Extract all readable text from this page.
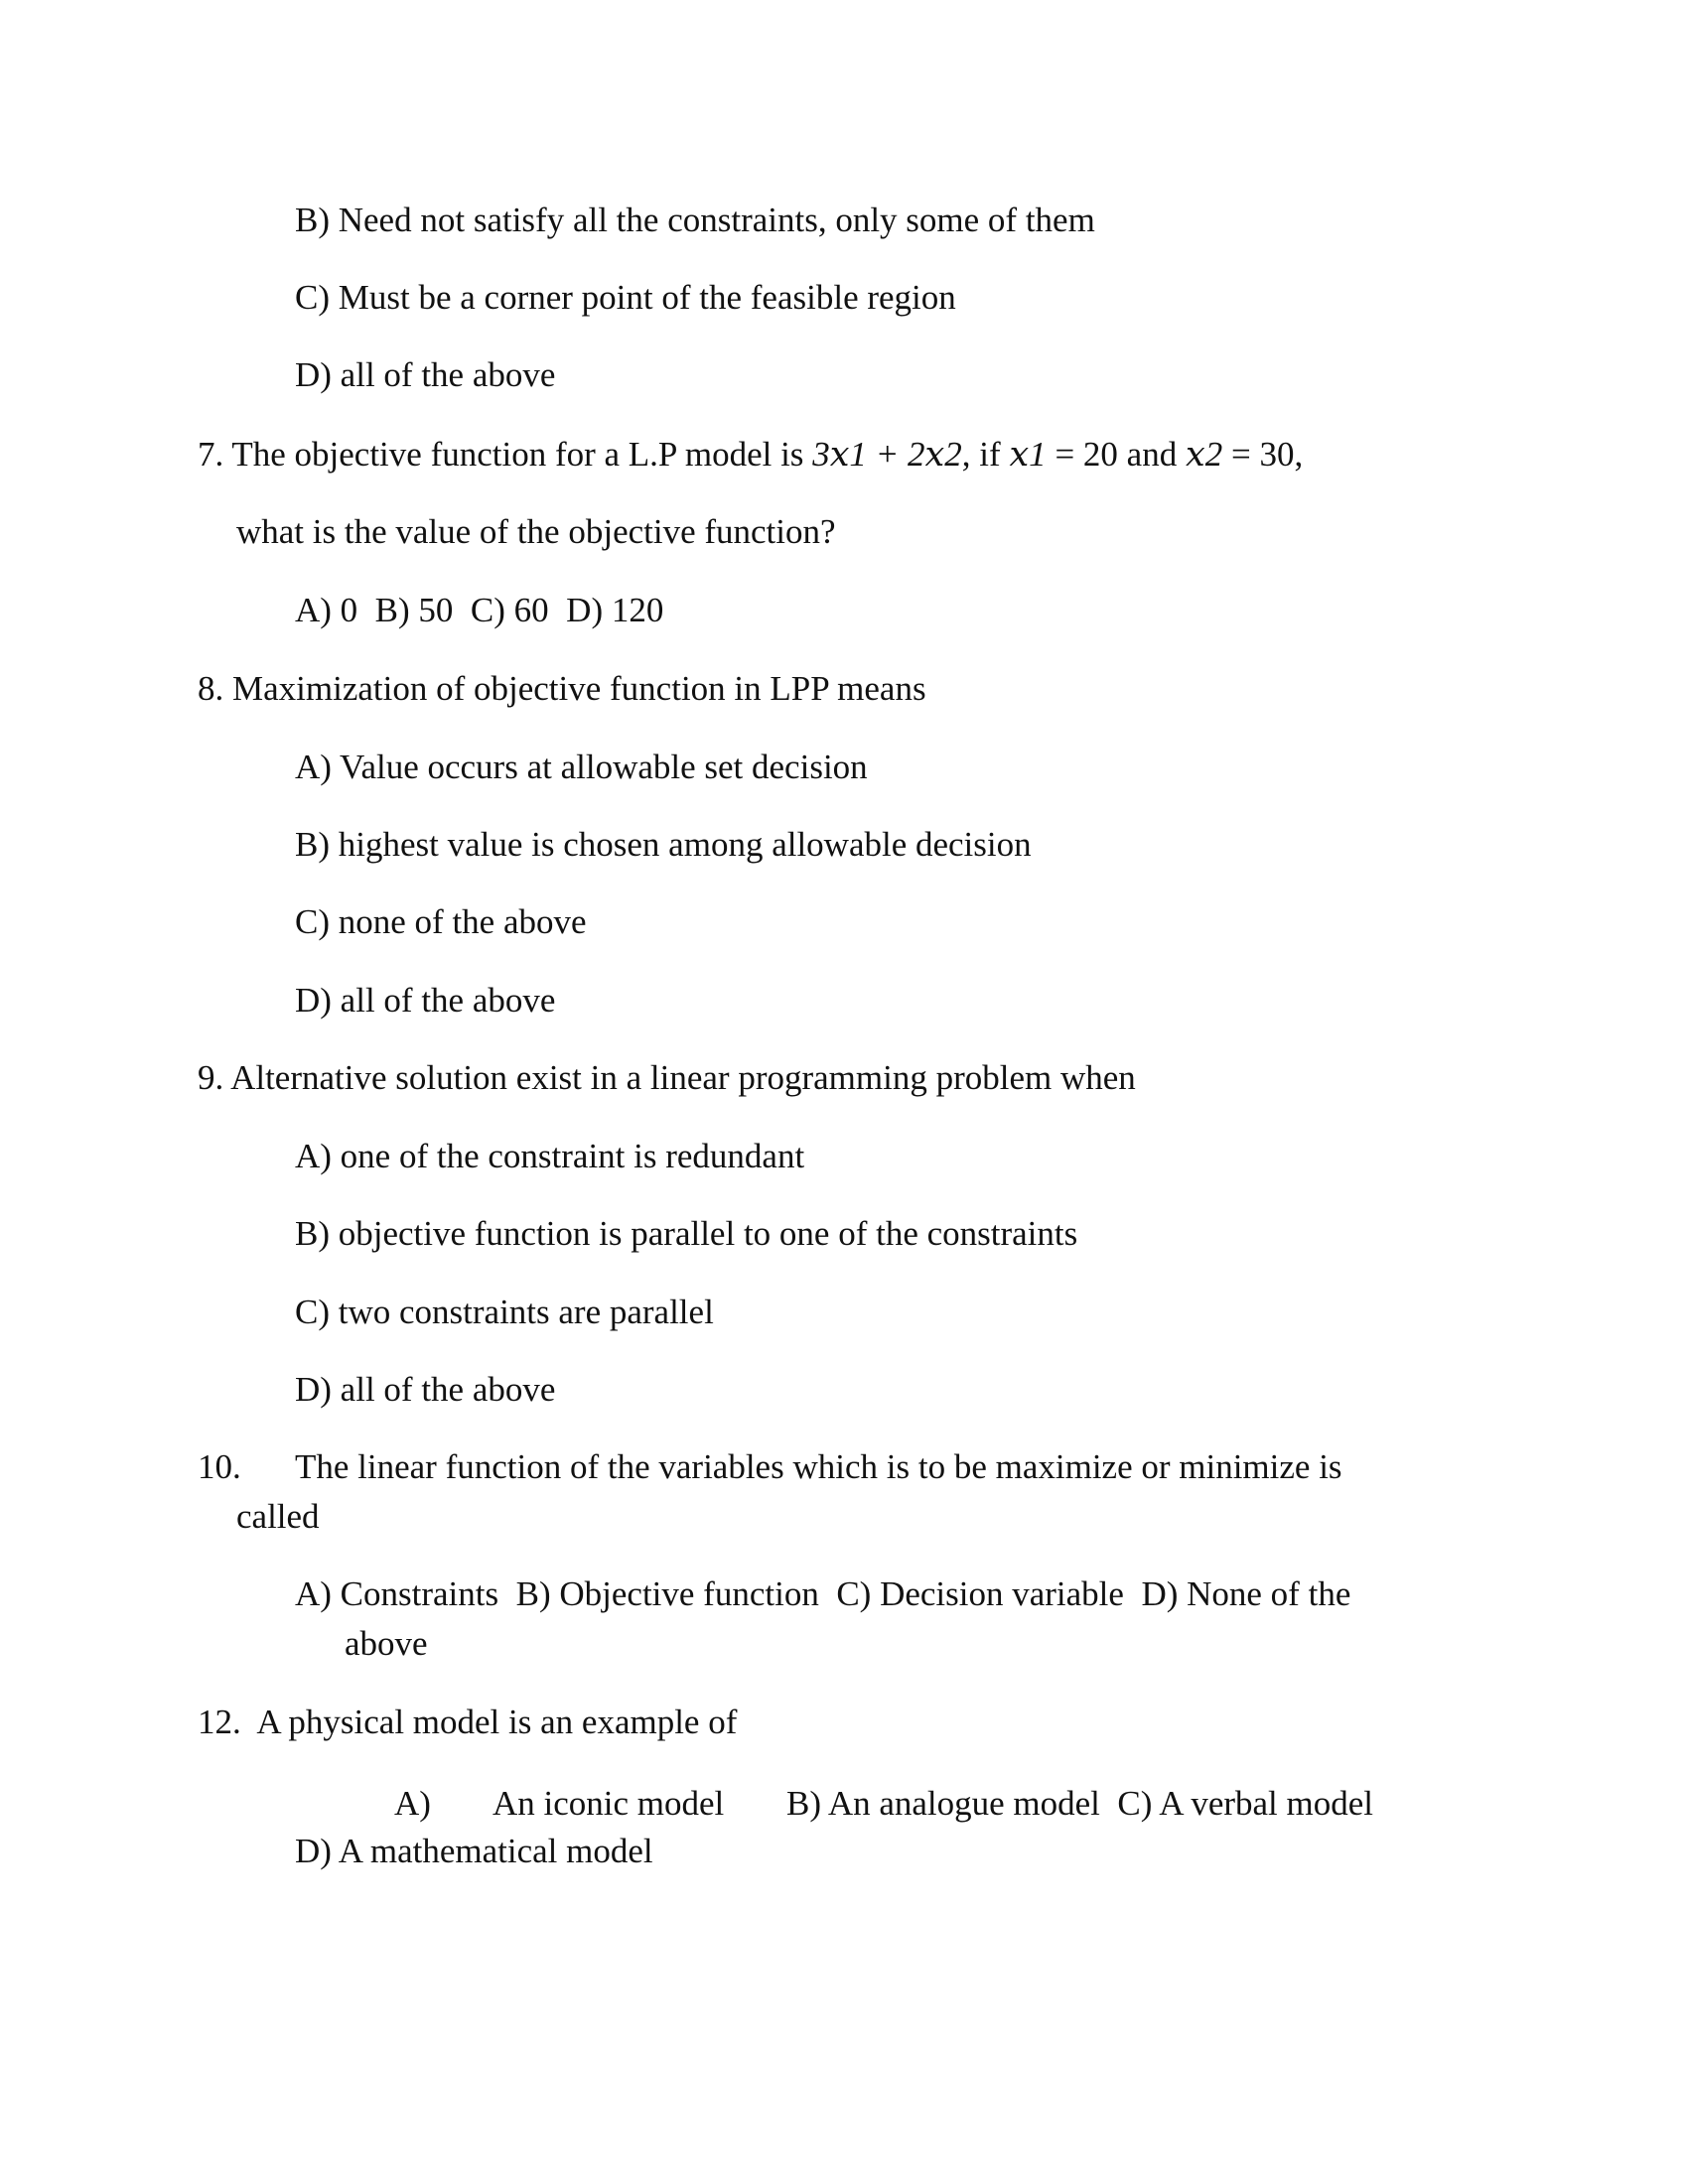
B) Need not satisfy all the constraints, only some of them
C) Must be a corner point of the feasible region
D) all of the above
7. The objective function for a L.P model is 3𝑥1 + 2𝑥2, if 𝑥1 = 20 and 𝑥2 = 30,
what is the value of the objective function?
A) 0  B) 50  C) 60  D) 120
8. Maximization of objective function in LPP means
A) Value occurs at allowable set decision
B) highest value is chosen among allowable decision
C) none of the above
D) all of the above
9. Alternative solution exist in a linear programming problem when
A) one of the constraint is redundant
B) objective function is parallel to one of the constraints
C) two constraints are parallel
D) all of the above
10. The linear function of the variables which is to be maximize or minimize is
called
A) Constraints  B) Objective function  C) Decision variable  D) None of the
above
12.  A physical model is an example of
A) An iconic model B) An analogue model  C) A verbal model
D) A mathematical model
